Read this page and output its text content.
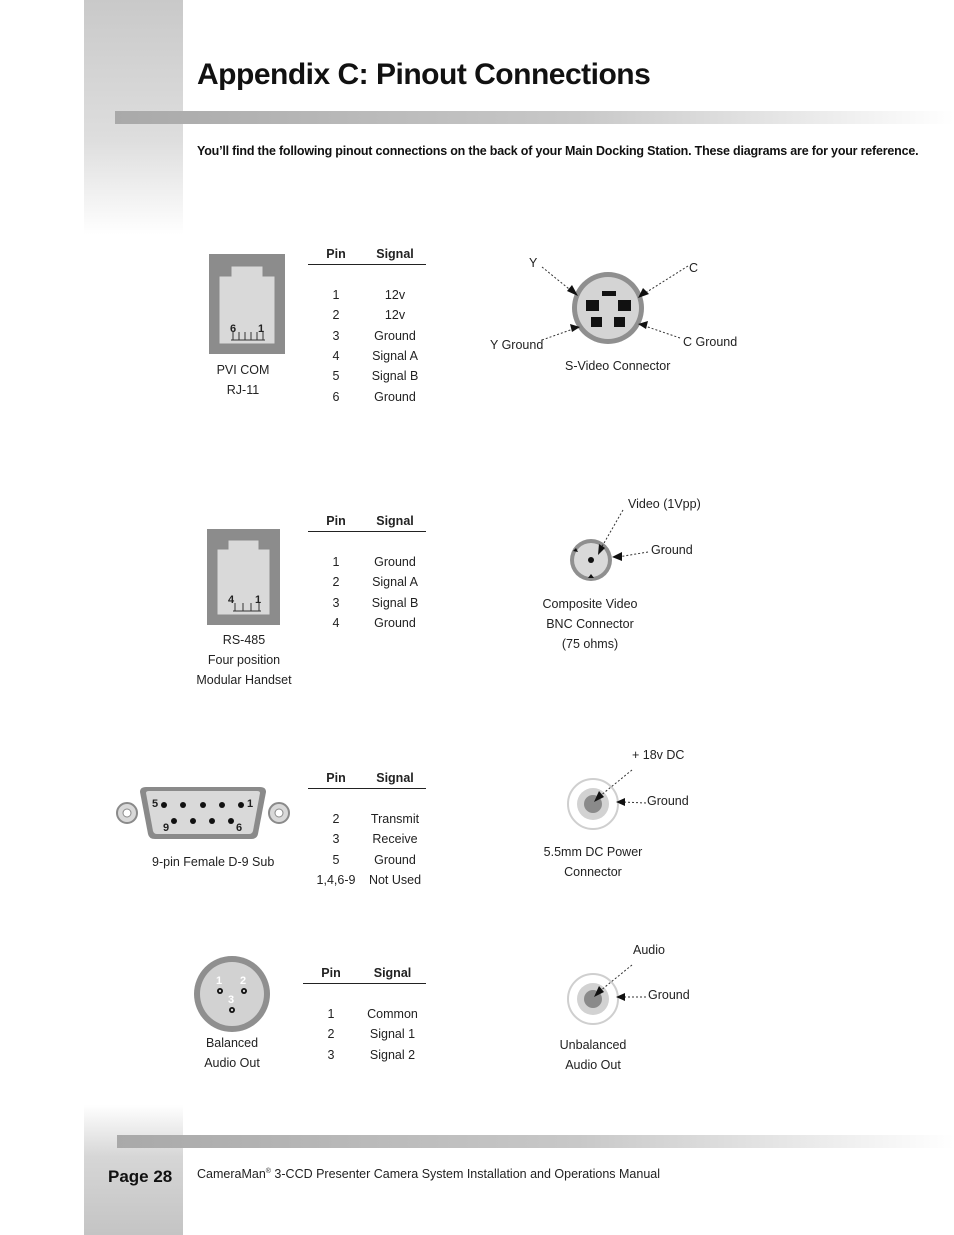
Appendix C: Pinout Connections
You’ll find the following pinout connections on the back of your Main Docking Station. These diagrams are for your reference.
6 1
PVI COM
RJ-11
Pin	Signal

1	12v
2	12v
3	Ground
4	Signal A
5	Signal B
6	Ground
Y	C
Y Ground	C Ground
S-Video Connector
4 1
RS-485
Four position
Modular Handset
Pin	Signal

1	Ground
2	Signal A
3	Signal B
4	Ground
Video (1Vpp)
Ground
Composite Video
BNC Connector
(75 ohms)
5	1
9	6
9-pin Female D-9 Sub
Pin	Signal

2	Transmit
3	Receive
5	Ground
1,4,6-9	Not Used
+ 18v DC
Ground
5.5mm DC Power
Connector
1 2
3
Balanced
Audio Out
Pin	Signal

1	Common
2	Signal 1
3	Signal 2
Audio
Ground
Unbalanced
Audio Out
Page 28 CameraMan® 3-CCD Presenter Camera System Installation and Operations Manual
